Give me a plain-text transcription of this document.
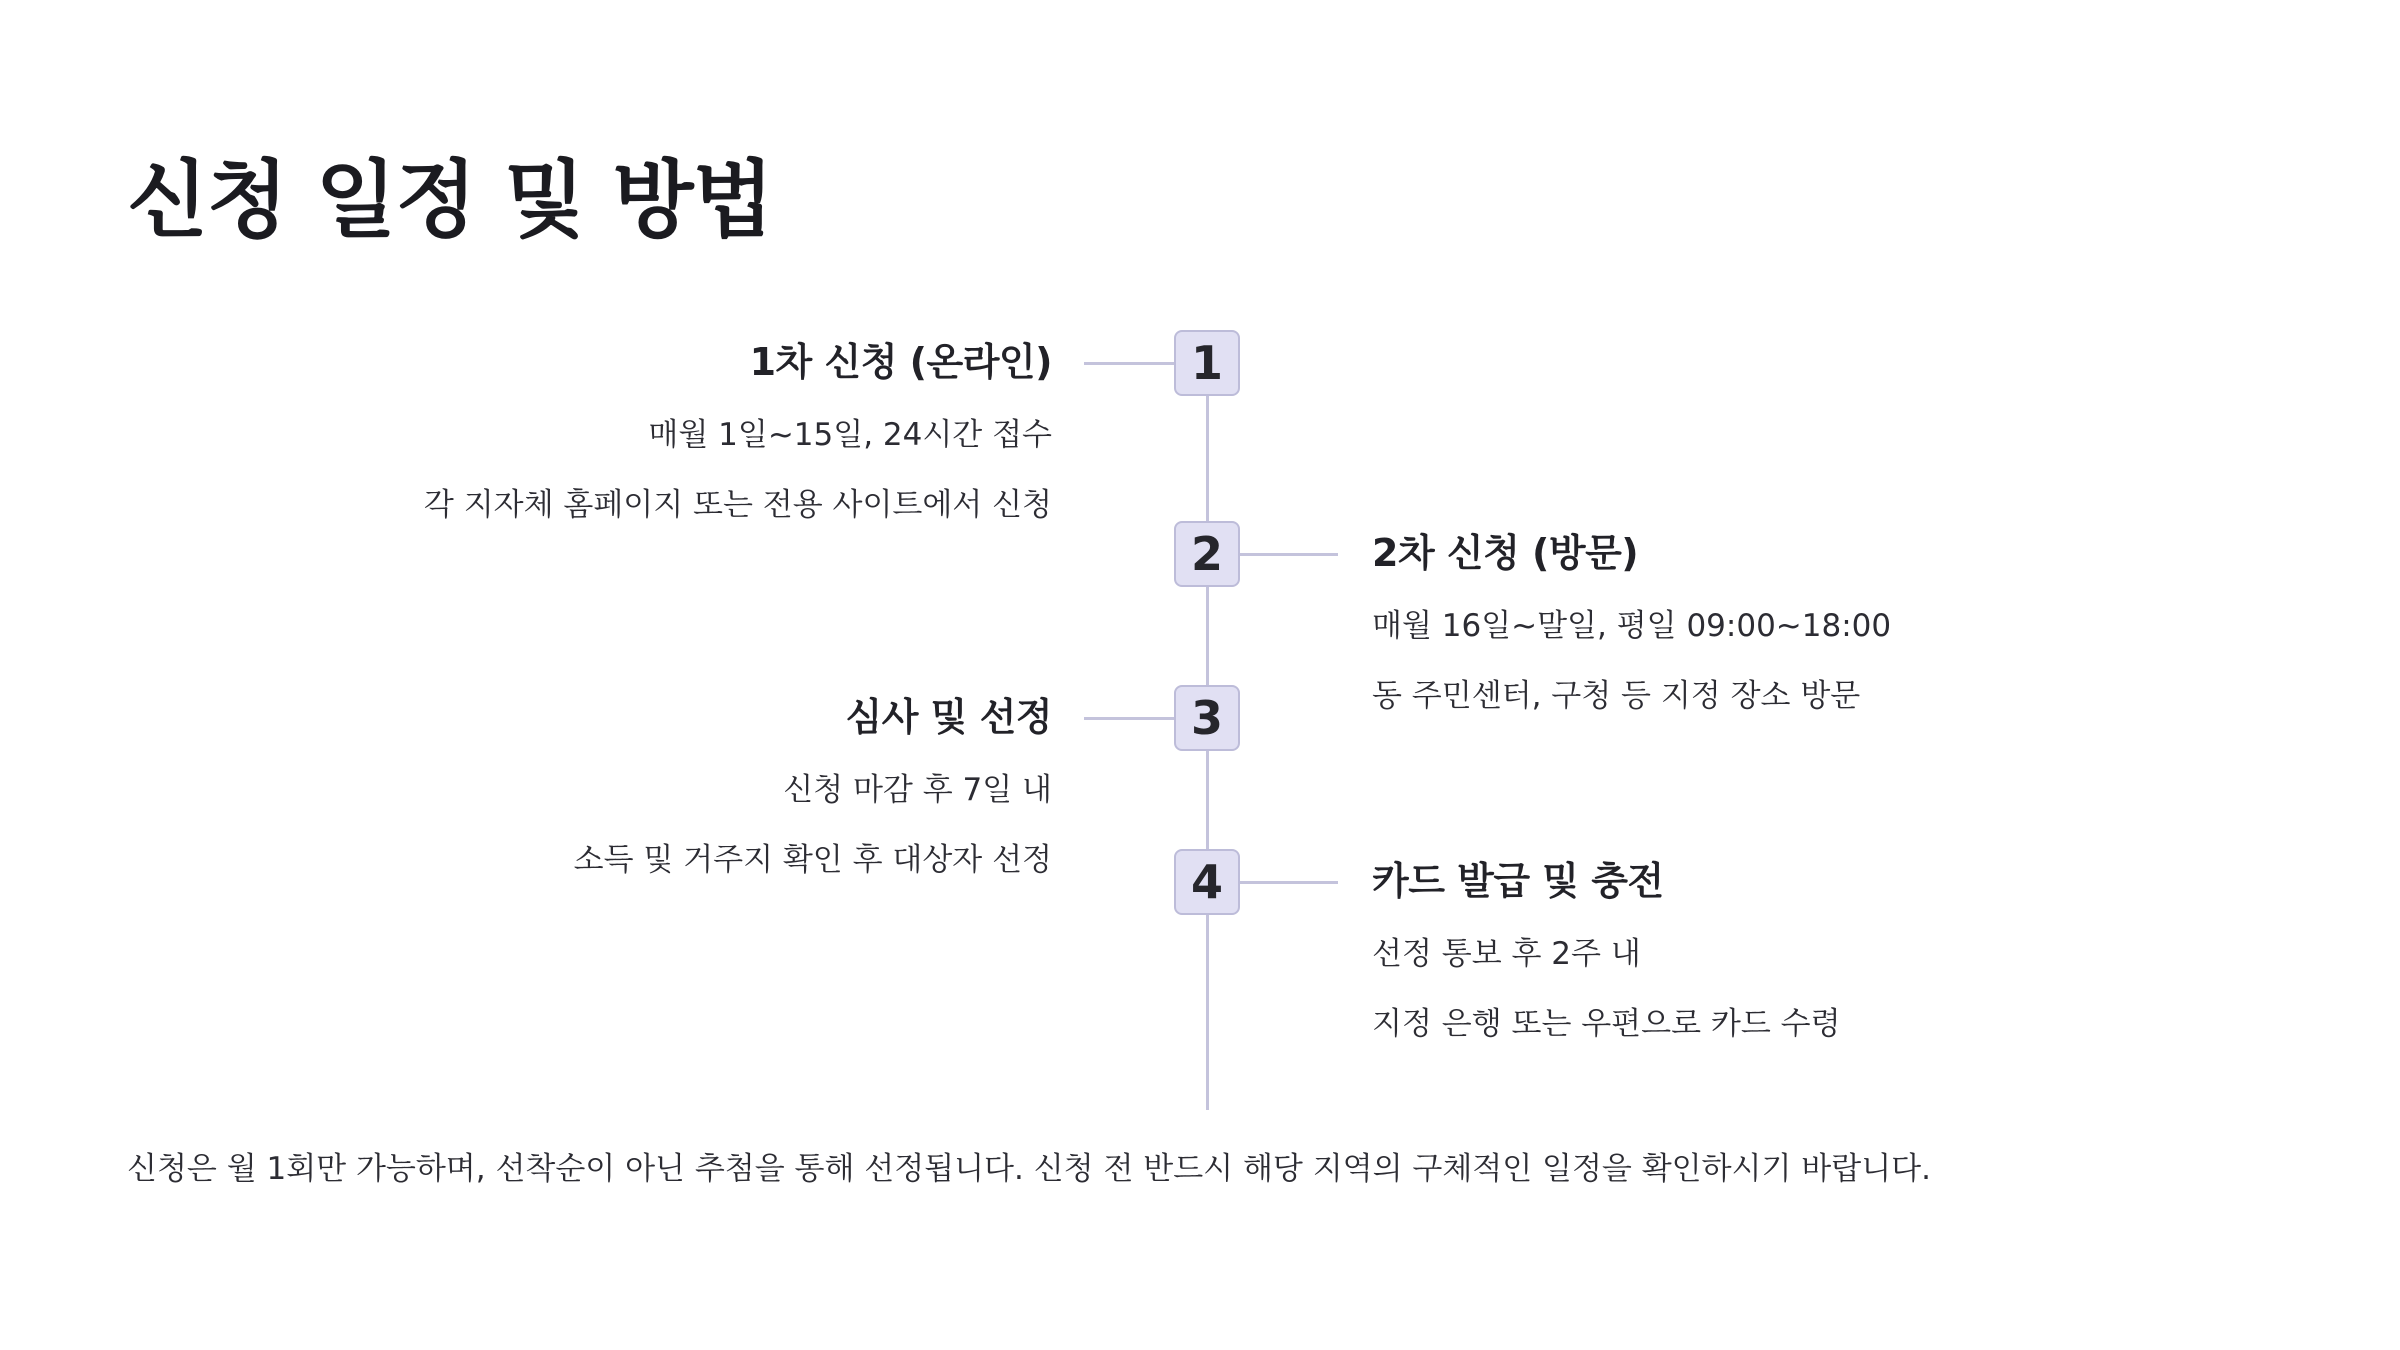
신청 일정 및 방법
1
1차 신청 (온라인)
매월 1일~15일, 24시간 접수
각 지자체 홈페이지 또는 전용 사이트에서 신청
2	2차 신청 (방문)
매월 16일~말일, 평일 09:00~18:00
동 주민센터, 구청 등 지정 장소 방문
3
심사 및 선정
신청 마감 후 7일 내
소득 및 거주지 확인 후 대상자 선정	4	카드 발급 및 충전
선정 통보 후 2주 내
지정 은행 또는 우편으로 카드 수령
신청은 월 1회만 가능하며, 선착순이 아닌 추첨을 통해 선정됩니다. 신청 전 반드시 해당 지역의 구체적인 일정을 확인하시기 바랍니다.
